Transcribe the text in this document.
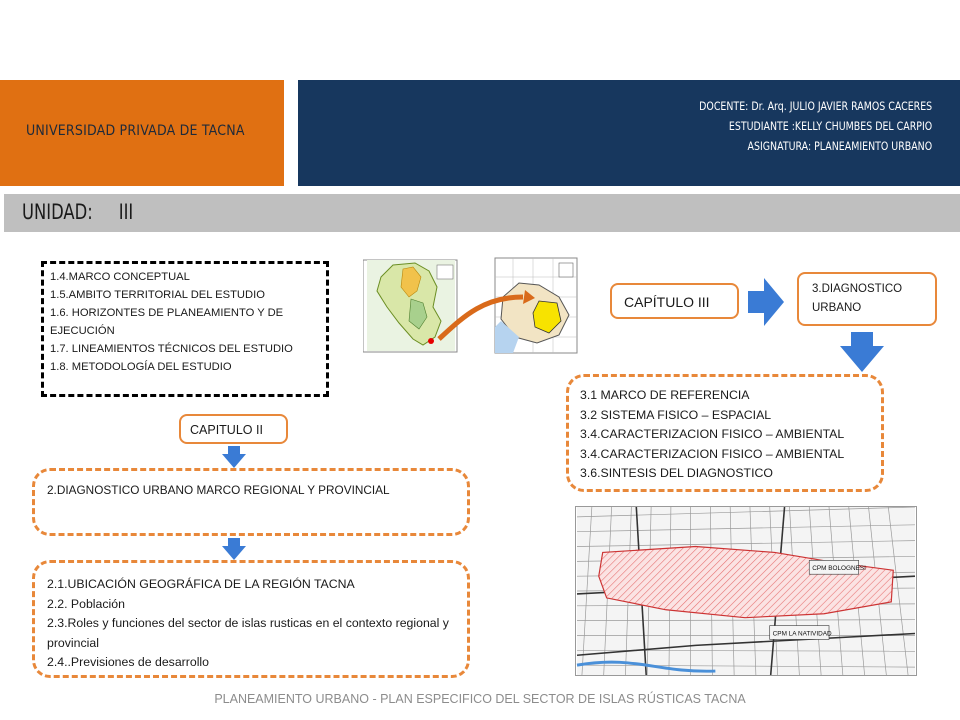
UNIVERSIDAD PRIVADA DE TACNA
DOCENTE: Dr. Arq. JULIO JAVIER RAMOS CACERES
ESTUDIANTE :KELLY CHUMBES DEL CARPIO
ASIGNATURA: PLANEAMIENTO URBANO
UNIDAD:     III
1.4.MARCO CONCEPTUAL
1.5.AMBITO TERRITORIAL DEL ESTUDIO
1.6. HORIZONTES DE PLANEAMIENTO Y DE EJECUCIÓN
1.7. LINEAMIENTOS TÉCNICOS DEL ESTUDIO
1.8. METODOLOGÍA DEL ESTUDIO
CAPITULO II
2.DIAGNOSTICO URBANO MARCO REGIONAL Y PROVINCIAL
2.1.UBICACIÓN GEOGRÁFICA DE LA REGIÓN TACNA
2.2. Población
2.3.Roles y funciones del sector de islas rusticas en el contexto regional y provincial
2.4..Previsiones de desarrollo
CAPÍTULO III
3.DIAGNOSTICO
URBANO
3.1 MARCO DE REFERENCIA
3.2 SISTEMA FISICO – ESPACIAL
3.4.CARACTERIZACION FISICO – AMBIENTAL
3.4.CARACTERIZACION FISICO – AMBIENTAL
3.6.SINTESIS DEL DIAGNOSTICO
CPM BOLOGNESI
CPM LA NATIVIDAD
PLANEAMIENTO URBANO - PLAN ESPECIFICO DEL SECTOR DE ISLAS RÚSTICAS TACNA
